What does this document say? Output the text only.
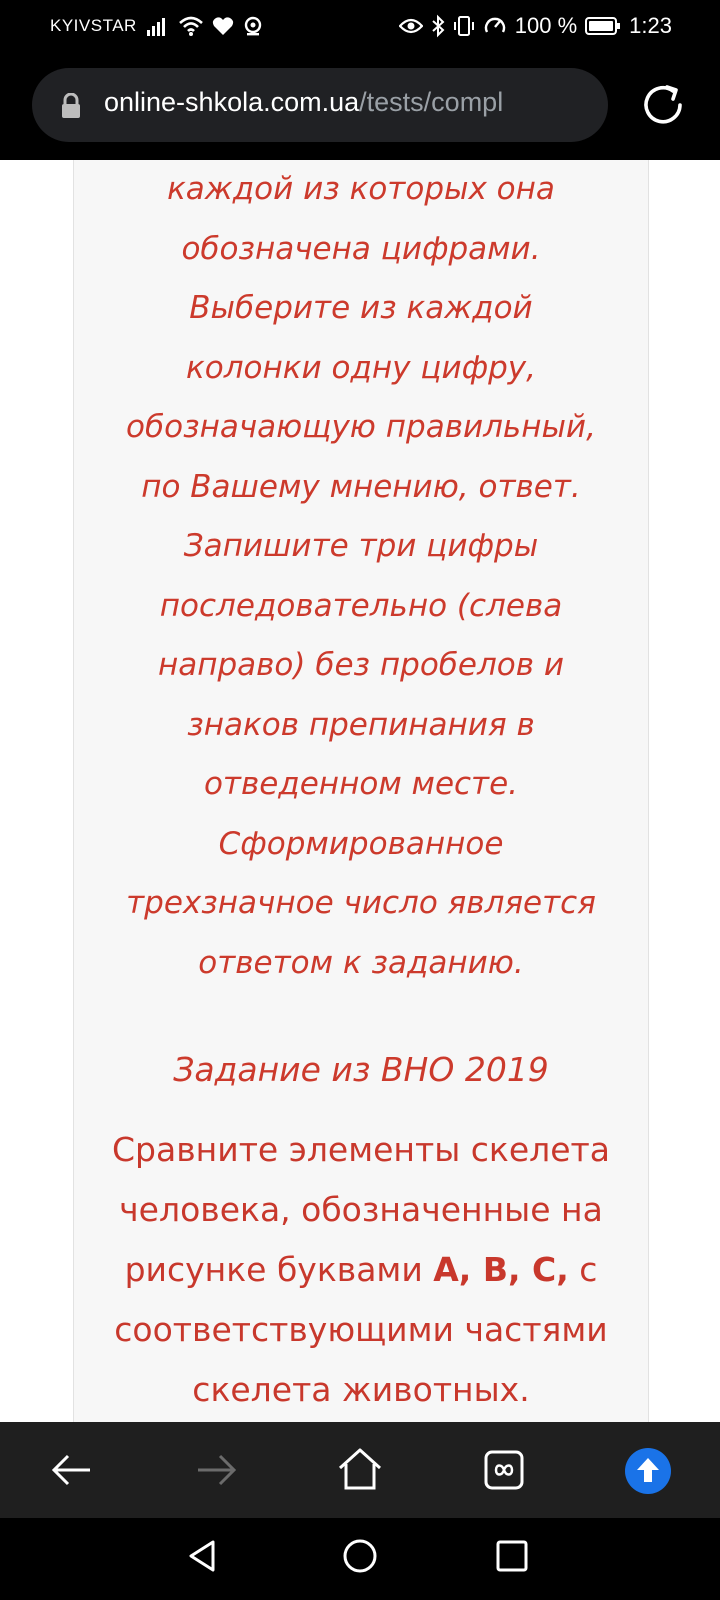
KYIVSTAR	100 % 1:23
online-shkola.com.ua/tests/compl

каждой из которых она

обозначена цифрами.

Выберите из каждой

колонки одну цифру,

обозначающую правильный,

по Вашему мнению, ответ.

Запишите три цифры

последовательно (слева

направо) без пробелов и

знаков препинания в

отведенном месте.

Сформированное

трехзначное число является

ответом к заданию.

Задание из ВНО 2019
Сравните элементы скелета
человека, обозначенные на
рисунке буквами А, В, С, с
соответствующими частями
скелета животных.
